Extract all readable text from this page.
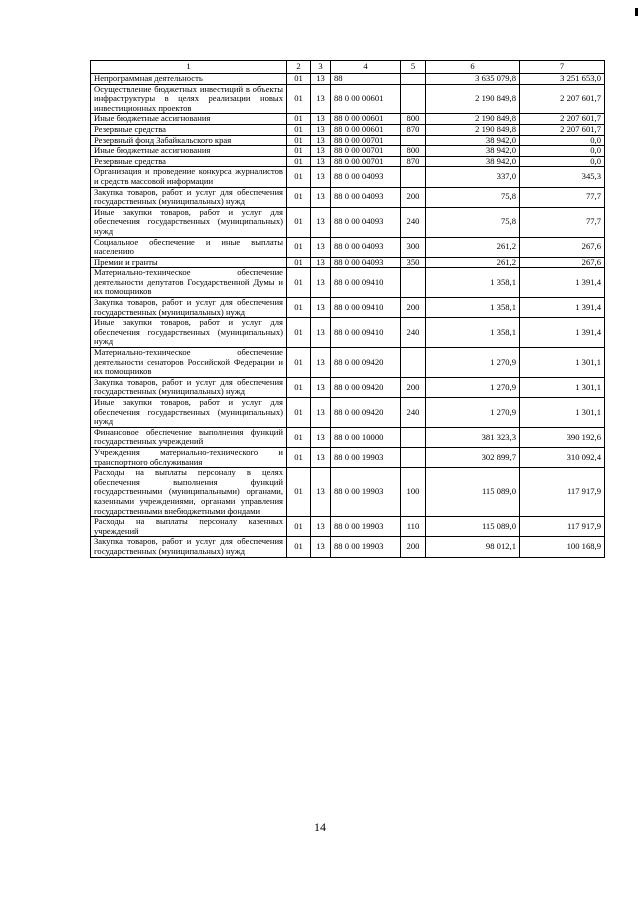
1	2	3	4	5	6	7
Непрограммная деятельность	01	13	88		3 635 079,8	3 251 653,0
Осуществление бюджетных инвестиций в объекты инфраструктуры в целях реализации новых инвестиционных проектов	01	13	88 0 00 00601		2 190 849,8	2 207 601,7
Иные бюджетные ассигнования	01	13	88 0 00 00601	800	2 190 849,8	2 207 601,7
Резервные средства	01	13	88 0 00 00601	870	2 190 849,8	2 207 601,7
Резервный фонд Забайкальского края	01	13	88 0 00 00701		38 942,0	0,0
Иные бюджетные ассигнования	01	13	88 0 00 00701	800	38 942,0	0,0
Резервные средства	01	13	88 0 00 00701	870	38 942,0	0,0
Организация и проведение конкурса журналистов и средств массовой информации	01	13	88 0 00 04093		337,0	345,3
Закупка товаров, работ и услуг для обеспечения государственных (муниципальных) нужд	01	13	88 0 00 04093	200	75,8	77,7
Иные закупки товаров, работ и услуг для обеспечения государственных (муниципальных) нужд	01	13	88 0 00 04093	240	75,8	77,7
Социальное обеспечение и иные выплаты населению	01	13	88 0 00 04093	300	261,2	267,6
Премии и гранты	01	13	88 0 00 04093	350	261,2	267,6
Материально-техническое обеспечение деятельности депутатов Государственной Думы и их помощников	01	13	88 0 00 09410		1 358,1	1 391,4
Закупка товаров, работ и услуг для обеспечения государственных (муниципальных) нужд	01	13	88 0 00 09410	200	1 358,1	1 391,4
Иные закупки товаров, работ и услуг для обеспечения государственных (муниципальных) нужд	01	13	88 0 00 09410	240	1 358,1	1 391,4
Материально-техническое обеспечение деятельности сенаторов Российской Федерации и их помощников	01	13	88 0 00 09420		1 270,9	1 301,1
Закупка товаров, работ и услуг для обеспечения государственных (муниципальных) нужд	01	13	88 0 00 09420	200	1 270,9	1 301,1
Иные закупки товаров, работ и услуг для обеспечения государственных (муниципальных) нужд	01	13	88 0 00 09420	240	1 270,9	1 301,1
Финансовое обеспечение выполнения функций государственных учреждений	01	13	88 0 00 10000		381 323,3	390 192,6
Учреждения материально-технического и транспортного обслуживания	01	13	88 0 00 19903		302 899,7	310 092,4
Расходы на выплаты персоналу в целях обеспечения выполнения функций государственными (муниципальными) органами, казенными учреждениями, органами управления государственными внебюджетными фондами	01	13	88 0 00 19903	100	115 089,0	117 917,9
Расходы на выплаты персоналу казенных учреждений	01	13	88 0 00 19903	110	115 089,0	117 917,9
Закупка товаров, работ и услуг для обеспечения государственных (муниципальных) нужд	01	13	88 0 00 19903	200	98 012,1	100 168,9
14
